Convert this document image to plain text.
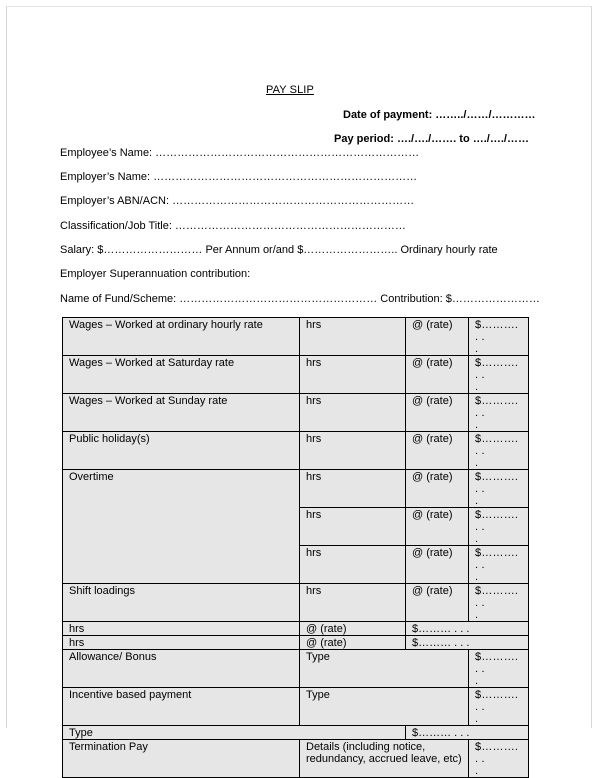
PAY SLIP
Date of payment: ……../……/…………
Pay period: …./…./……. to …./…./……
Employee’s Name: ………………………………………………………………
Employer’s Name: ………………………………………………………………
Employer’s ABN/ACN: …………………………………………………………
Classification/Job Title: ………………………………………………………
Salary: $……………………… Per Annum or/and $…………………….. Ordinary hourly rate
Employer Superannuation contribution:
Name of Fund/Scheme: ……………………………………………… Contribution: $……………………
Wages – Worked at ordinary hourly rate	hrs	@ (rate)	$………. . .
.

Wages – Worked at Saturday rate	hrs	@ (rate)	$………. . .
.

Wages – Worked at Sunday rate	hrs	@ (rate)	$………. . .
.

Public holiday(s)	hrs	@ (rate)	$………. . .
.

Overtime	hrs	@ (rate)	$………. . .
.

	hrs	@ (rate)	$………. . .
.

	hrs	@ (rate)	$………. . .
.

Shift loadings	hrs	@ (rate)	$………. . .
.

hrs	@ (rate)	$……… . . .	
hrs	@ (rate)	$……… . . .	
Allowance/ Bonus	Type		$………. . .
.

Incentive based payment	Type		$………. . .
.

Type		$……… . . .	
Termination Pay	Details (including notice, redundancy, accrued leave, etc)		$………. . .
.
